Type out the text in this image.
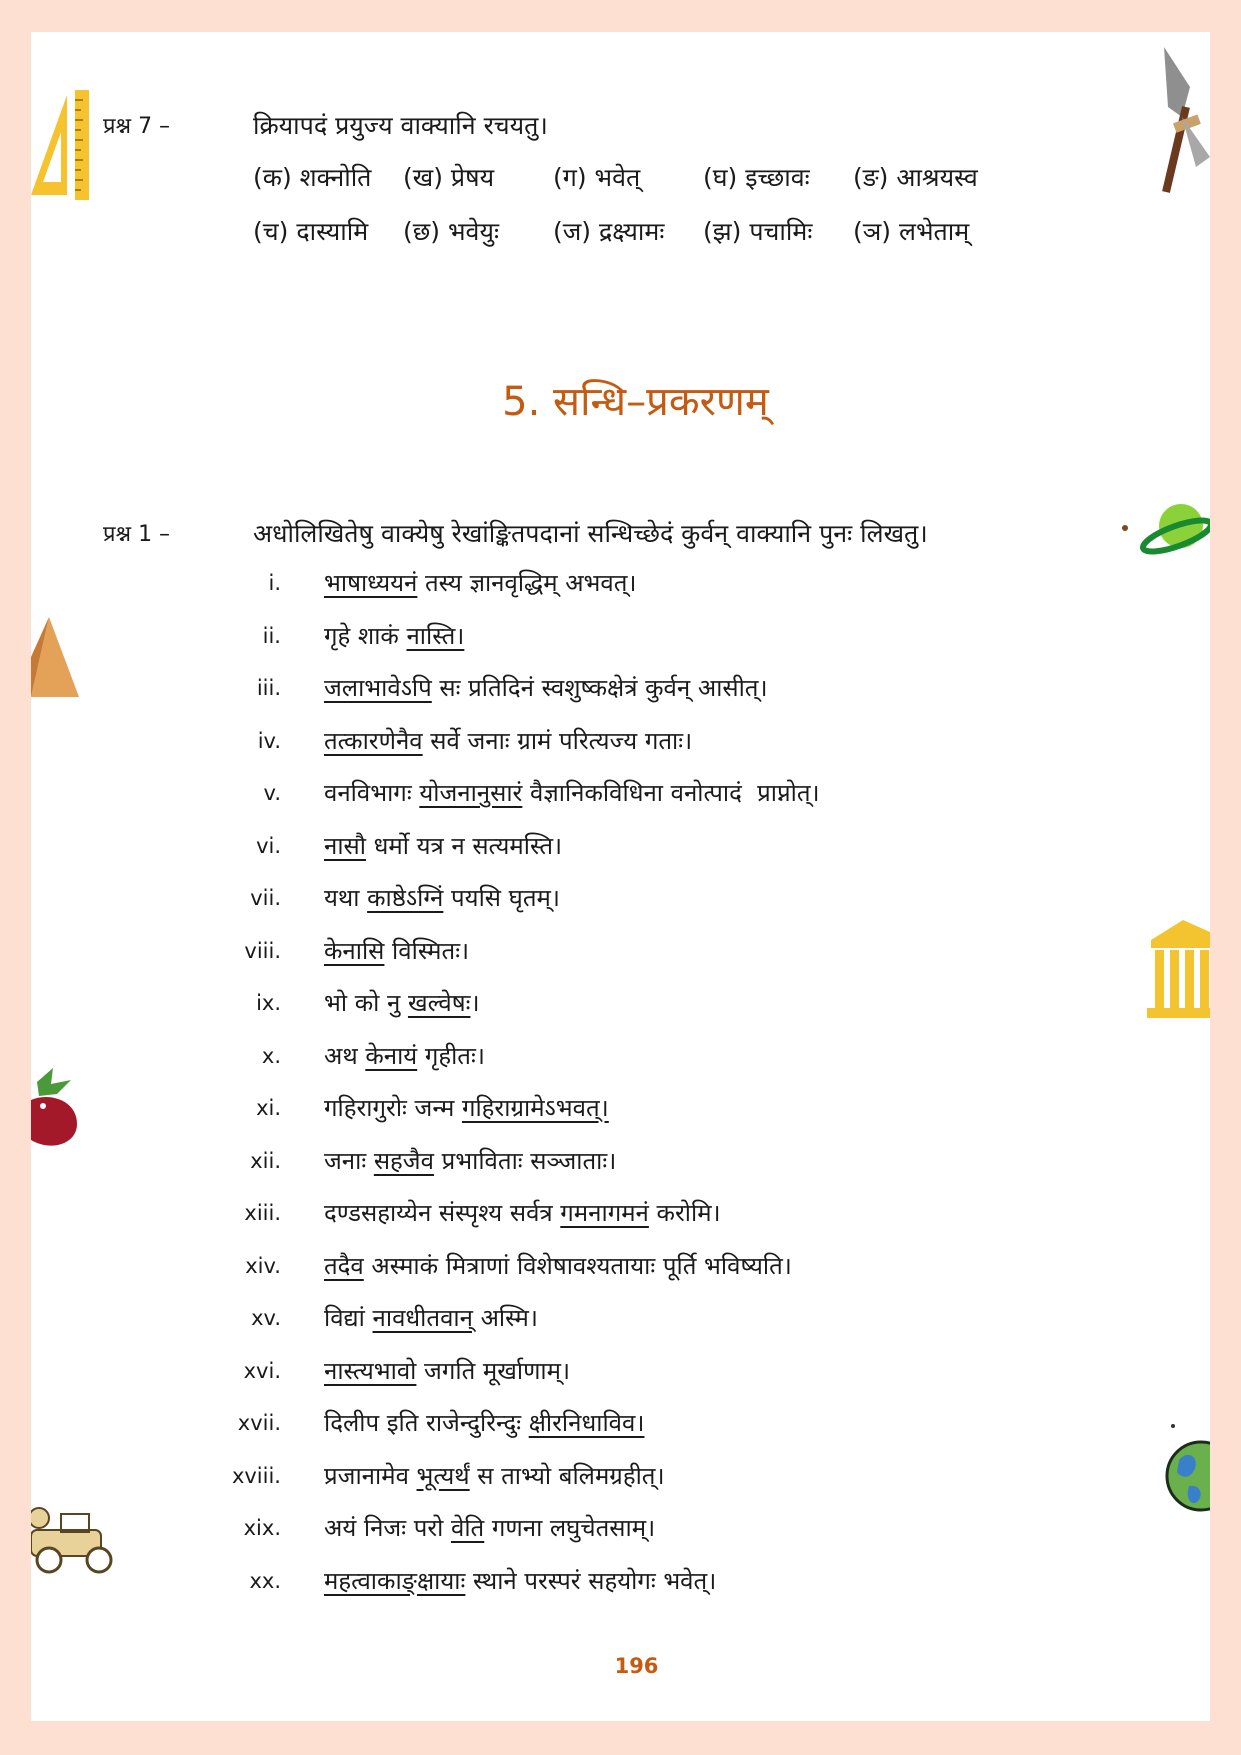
प्रश्न 7 –	क्रियापदं प्रयुज्य वाक्यानि रचयतु।
(क) शक्नोति (ख) प्रेषय (ग) भवेत्	(घ) इच्छावः (ङ) आश्रयस्व
(च) दास्यामि (छ) भवेयुः (ज) द्रक्ष्यामः (झ) पचामिः (ञ) लभेताम्
5. सन्धि–प्रकरणम्
प्रश्न 1 –	अधोलिखितेषु वाक्येषु रेखांङ्कितपदानां सन्धिच्छेदं कुर्वन् वाक्यानि पुनः लिखतु।
i. भाषाध्ययनं तस्य ज्ञानवृद्धिम् अभवत्।
ii. गृहे शाकं नास्ति।
iii. जलाभावेऽपि सः प्रतिदिनं स्वशुष्कक्षेत्रं कुर्वन् आसीत्।
iv. तत्कारणेनैव सर्वे जनाः ग्रामं परित्यज्य गताः।
v. वनविभागः योजनानुसारं वैज्ञानिकविधिना वनोत्पादं  प्राप्नोत्।
vi. नासौ धर्मो यत्र न सत्यमस्ति।
vii. यथा काष्ठेऽग्निं पयसि घृतम्।
viii. केनासि विस्मितः।
ix. भो को नु खल्वेषः।
x. अथ केनायं गृहीतः।
xi. गहिरागुरोः जन्म गहिराग्रामेऽभवत्।
xii. जनाः सहजैव प्रभाविताः सञ्जाताः।
xiii. दण्डसहाय्येन संस्पृश्य सर्वत्र गमनागमनं करोमि।
xiv. तदैव अस्माकं मित्राणां विशेषावश्यतायाः पूर्ति भविष्यति।
xv. विद्यां नावधीतवान् अस्मि।
xvi. नास्त्यभावो जगति मूर्खाणाम्।
xvii. दिलीप इति राजेन्दुरिन्दुः क्षीरनिधाविव।
xviii. प्रजानामेव भूत्यर्थं स ताभ्यो बलिमग्रहीत्।
xix. अयं निजः परो वेति गणना लघुचेतसाम्।
xx. महत्वाकाङ्क्षायाः स्थाने परस्परं सहयोगः भवेत्।
196
